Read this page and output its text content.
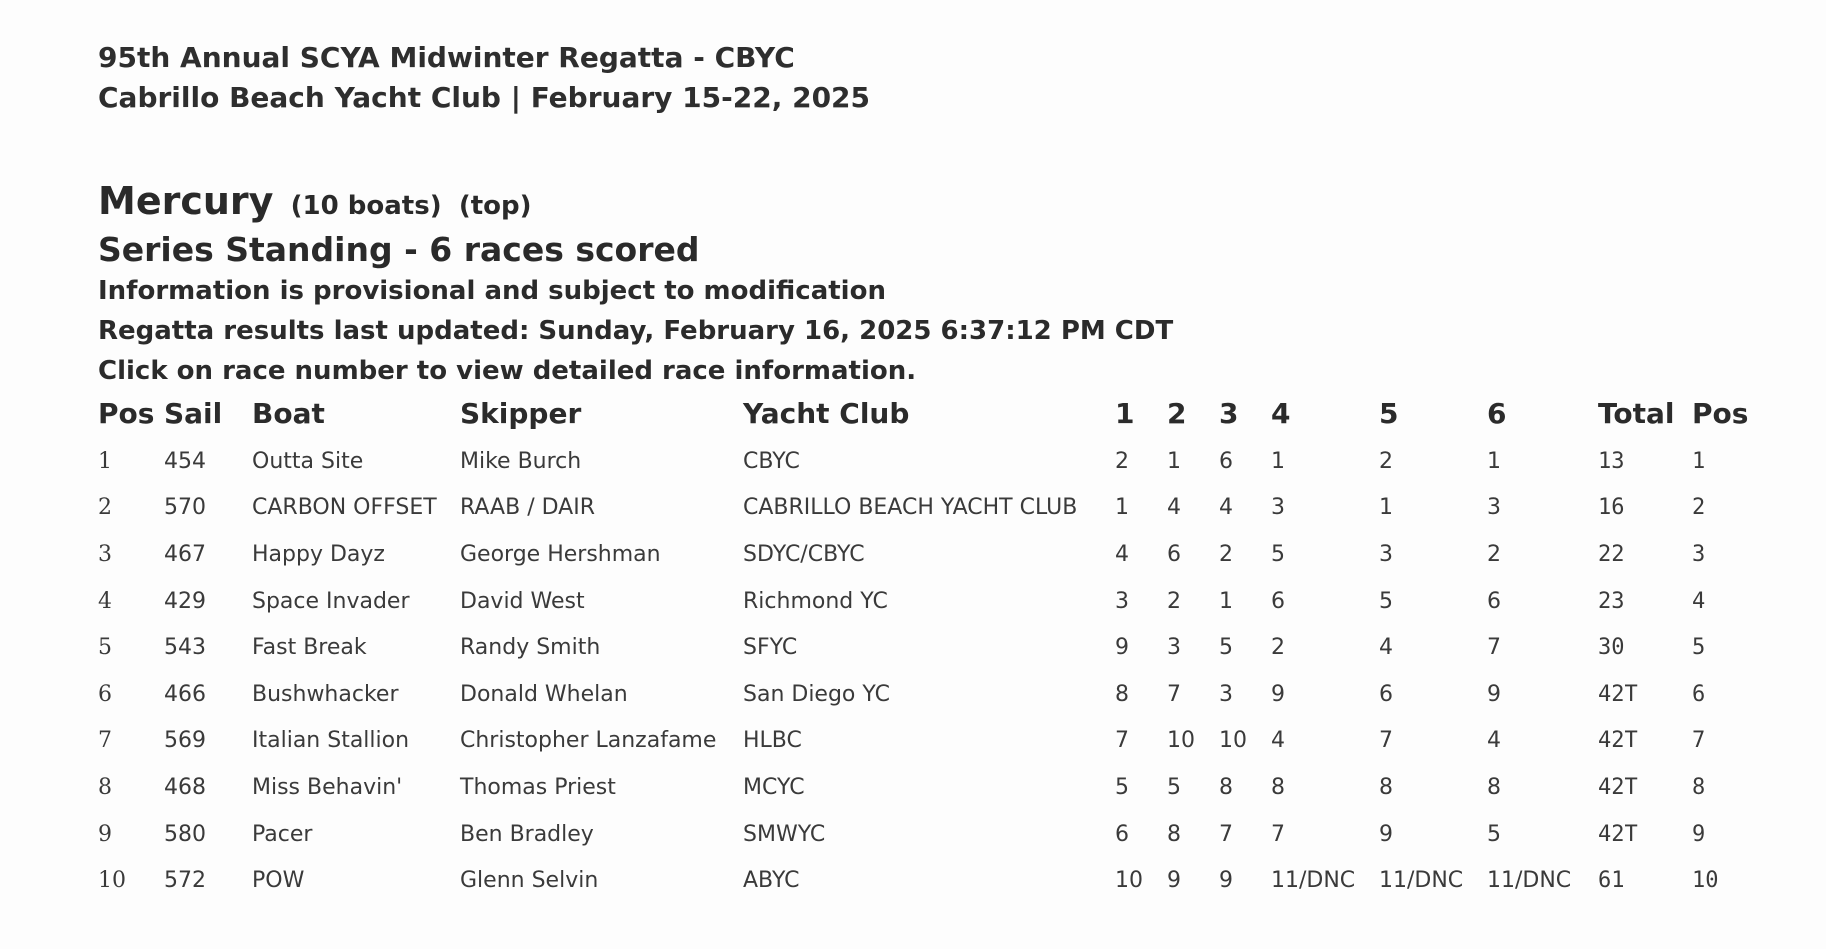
95th Annual SCYA Midwinter Regatta - CBYC
Cabrillo Beach Yacht Club | February 15-22, 2025
Mercury (10 boats) (top)
Series Standing - 6 races scored
Information is provisional and subject to modification
Regatta results last updated: Sunday, February 16, 2025 6:37:12 PM CDT
Click on race number to view detailed race information.
Pos	Sail	Boat	Skipper	Yacht Club	1	2	3	4	5	6	Total	Pos
1	454	Outta Site	Mike Burch	CBYC	2	1	6	1	2	1	13	1
2	570	CARBON OFFSET	RAAB / DAIR	CABRILLO BEACH YACHT CLUB	1	4	4	3	1	3	16	2
3	467	Happy Dayz	George Hershman	SDYC/CBYC	4	6	2	5	3	2	22	3
4	429	Space Invader	David West	Richmond YC	3	2	1	6	5	6	23	4
5	543	Fast Break	Randy Smith	SFYC	9	3	5	2	4	7	30	5
6	466	Bushwhacker	Donald Whelan	San Diego YC	8	7	3	9	6	9	42T	6
7	569	Italian Stallion	Christopher Lanzafame	HLBC	7	10	10	4	7	4	42T	7
8	468	Miss Behavin'	Thomas Priest	MCYC	5	5	8	8	8	8	42T	8
9	580	Pacer	Ben Bradley	SMWYC	6	8	7	7	9	5	42T	9
10	572	POW	Glenn Selvin	ABYC	10	9	9	11/DNC	11/DNC	11/DNC	61	10
